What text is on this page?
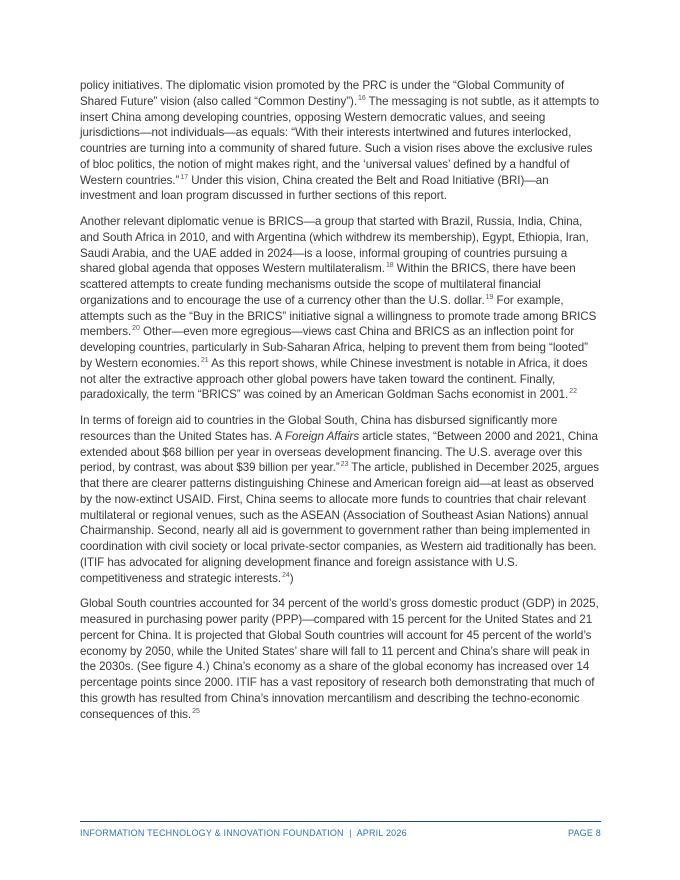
policy initiatives. The diplomatic vision promoted by the PRC is under the “Global Community of Shared Future” vision (also called “Common Destiny”).$^{16}$ The messaging is not subtle, as it attempts to insert China among developing countries, opposing Western democratic values, and seeing jurisdictions—not individuals—as equals: “With their interests intertwined and futures interlocked, countries are turning into a community of shared future. Such a vision rises above the exclusive rules of bloc politics, the notion of might makes right, and the ‘universal values’ defined by a handful of Western countries.”$^{17}$ Under this vision, China created the Belt and Road Initiative (BRI)—an investment and loan program discussed in further sections of this report.

Another relevant diplomatic venue is BRICS—a group that started with Brazil, Russia, India, China, and South Africa in 2010, and with Argentina (which withdrew its membership), Egypt, Ethiopia, Iran, Saudi Arabia, and the UAE added in 2024—is a loose, informal grouping of countries pursuing a shared global agenda that opposes Western multilateralism.$^{18}$ Within the BRICS, there have been scattered attempts to create funding mechanisms outside the scope of multilateral financial organizations and to encourage the use of a currency other than the U.S. dollar.$^{19}$ For example, attempts such as the “Buy in the BRICS” initiative signal a willingness to promote trade among BRICS members.$^{20}$ Other—even more egregious—views cast China and BRICS as an inflection point for developing countries, particularly in Sub-Saharan Africa, helping to prevent them from being “looted” by Western economies.$^{21}$ As this report shows, while Chinese investment is notable in Africa, it does not alter the extractive approach other global powers have taken toward the continent. Finally, paradoxically, the term “BRICS” was coined by an American Goldman Sachs economist in 2001.22

In terms of foreign aid to countries in the Global South, China has disbursed significantly more resources than the United States has. A Foreign Affairs article states, “Between 2000 and 2021, China extended about $68 billion per year in overseas development financing. The U.S. average over this period, by contrast, was about $39 billion per year.”$^{23}$ The article, published in December 2025, argues that there are clearer patterns distinguishing Chinese and American foreign aid—at least as observed by the now-extinct USAID. First, China seems to allocate more funds to countries that chair relevant multilateral or regional venues, such as the ASEAN (Association of Southeast Asian Nations) annual Chairmanship. Second, nearly all aid is government to government rather than being implemented in coordination with civil society or local private-sector companies, as Western aid traditionally has been. (ITIF has advocated for aligning development finance and foreign assistance with U.S. competitiveness and strategic interests.$^{24}$)

Global South countries accounted for 34 percent of the world’s gross domestic product (GDP) in 2025, measured in purchasing power parity (PPP)—compared with 15 percent for the United States and 21 percent for China. It is projected that Global South countries will account for 45 percent of the world’s economy by 2050, while the United States’ share will fall to 11 percent and China’s share will peak in the 2030s. (See figure 4.) China’s economy as a share of the global economy has increased over 14 percentage points since 2000. ITIF has a vast repository of research both demonstrating that much of this growth has resulted from China’s innovation mercantilism and describing the techno-economic consequences of this.$^{25}$

INFORMATION TECHNOLOGY & INNOVATION FOUNDATION | APRIL 2026	PAGE 8
